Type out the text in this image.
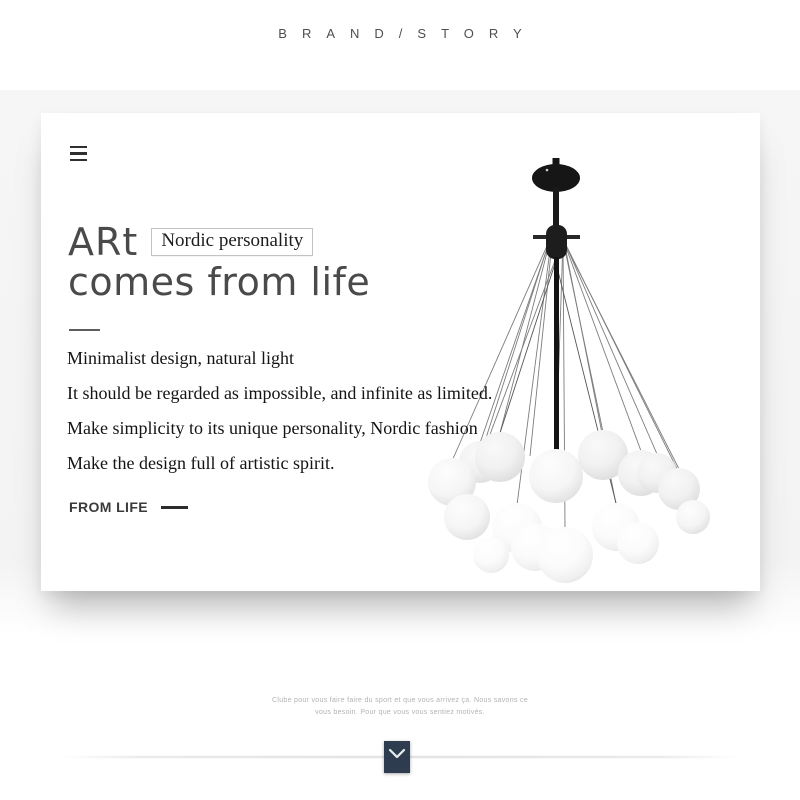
BRAND/STORY
ARt	Nordic personality
comes from life

Minimalist design, natural light

It should be regarded as impossible, and infinite as limited.

Make simplicity to its unique personality, Nordic fashion

Make the design full of artistic spirit.

FROM LIFE
Clube pour vous faire faire du sport et que vous arrivez ça. Nous savons ce
vous besoin. Pour que vous vous sentiez motivés.
